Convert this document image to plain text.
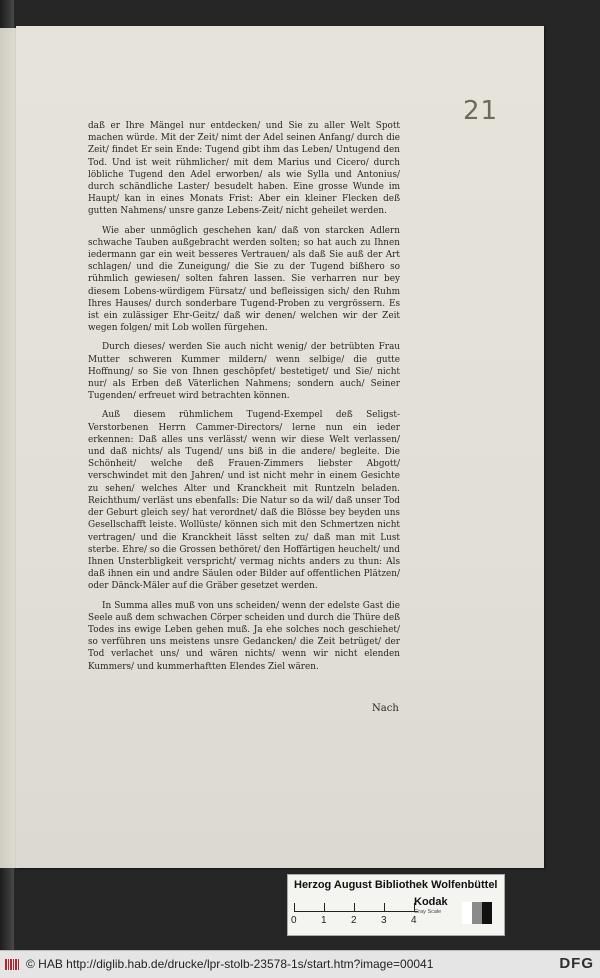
21

daß er Ihre Mängel nur entdecken/ und Sie zu aller Welt Spott machen würde. Mit der Zeit/ nimt der Adel seinen Anfang/ durch die Zeit/ findet Er sein Ende: Tugend gibt ihm das Leben/ Untugend den Tod. Und ist weit rühmlicher/ mit dem Marius und Cicero/ durch löbliche Tugend den Adel erworben/ als wie Sylla und Antonius/ durch schändliche Laster/ besudelt haben. Eine grosse Wunde im Haupt/ kan in eines Monats Frist: Aber ein kleiner Flecken deß gutten Nahmens/ unsre ganze Lebens-Zeit/ nicht geheilet werden.

Wie aber unmöglich geschehen kan/ daß von starcken Adlern schwache Tauben außgebracht werden solten; so hat auch zu Ihnen iedermann gar ein weit besseres Vertrauen/ als daß Sie auß der Art schlagen/ und die Zuneigung/ die Sie zu der Tugend bißhero so rühmlich gewiesen/ solten fahren lassen. Sie verharren nur bey diesem Lobens-würdigem Fürsatz/ und befleissigen sich/ den Ruhm Ihres Hauses/ durch sonderbare Tugend-Proben zu vergrössern. Es ist ein zulässiger Ehr-Geitz/ daß wir denen/ welchen wir der Zeit wegen folgen/ mit Lob wollen fürgehen.

Durch dieses/ werden Sie auch nicht wenig/ der betrübten Frau Mutter schweren Kummer mildern/ wenn selbige/ die gutte Hoffnung/ so Sie von Ihnen geschöpfet/ bestetiget/ und Sie/ nicht nur/ als Erben deß Väterlichen Nahmens; sondern auch/ Seiner Tugenden/ erfreuet wird betrachten können.

Auß diesem rühmlichem Tugend-Exempel deß Seligst-Verstorbenen Herrn Cammer-Directors/ lerne nun ein ieder erkennen: Daß alles uns verlässt/ wenn wir diese Welt verlassen/ und daß nichts/ als Tugend/ uns biß in die andere/ begleite. Die Schönheit/ welche deß Frauen-Zimmers liebster Abgott/ verschwindet mit den Jahren/ und ist nicht mehr in einem Gesichte zu sehen/ welches Alter und Kranckheit mit Runtzeln beladen. Reichthum/ verläst uns ebenfalls: Die Natur so da wil/ daß unser Tod der Geburt gleich sey/ hat verordnet/ daß die Blösse bey beyden uns Gesellschafft leiste. Wollüste/ können sich mit den Schmertzen nicht vertragen/ und die Kranckheit lässt selten zu/ daß man mit Lust sterbe. Ehre/ so die Grossen bethöret/ den Hoffärtigen heuchelt/ und Ihnen Unsterbligkeit verspricht/ vermag nichts anders zu thun: Als daß ihnen ein und andre Säulen oder Bilder auf offentlichen Plätzen/ oder Dänck-Mäler auf die Gräber gesetzet werden.

In Summa alles muß von uns scheiden/ wenn der edelste Gast die Seele auß dem schwachen Cörper scheiden und durch die Thüre deß Todes ins ewige Leben gehen muß. Ja ehe solches noch geschiehet/ so verführen uns meistens unsre Gedancken/ die Zeit betrüget/ der Tod verlachet uns/ und wären nichts/ wenn wir nicht elenden Kummers/ und kummerhaftten Elendes Ziel wären.

Nach
Herzog August Bibliothek Wolfenbüttel
0 1 2 3 4
Kodak
Gray Scale
© HAB http://diglib.hab.de/drucke/lpr-stolb-23578-1s/start.htm?image=00041	DFG
